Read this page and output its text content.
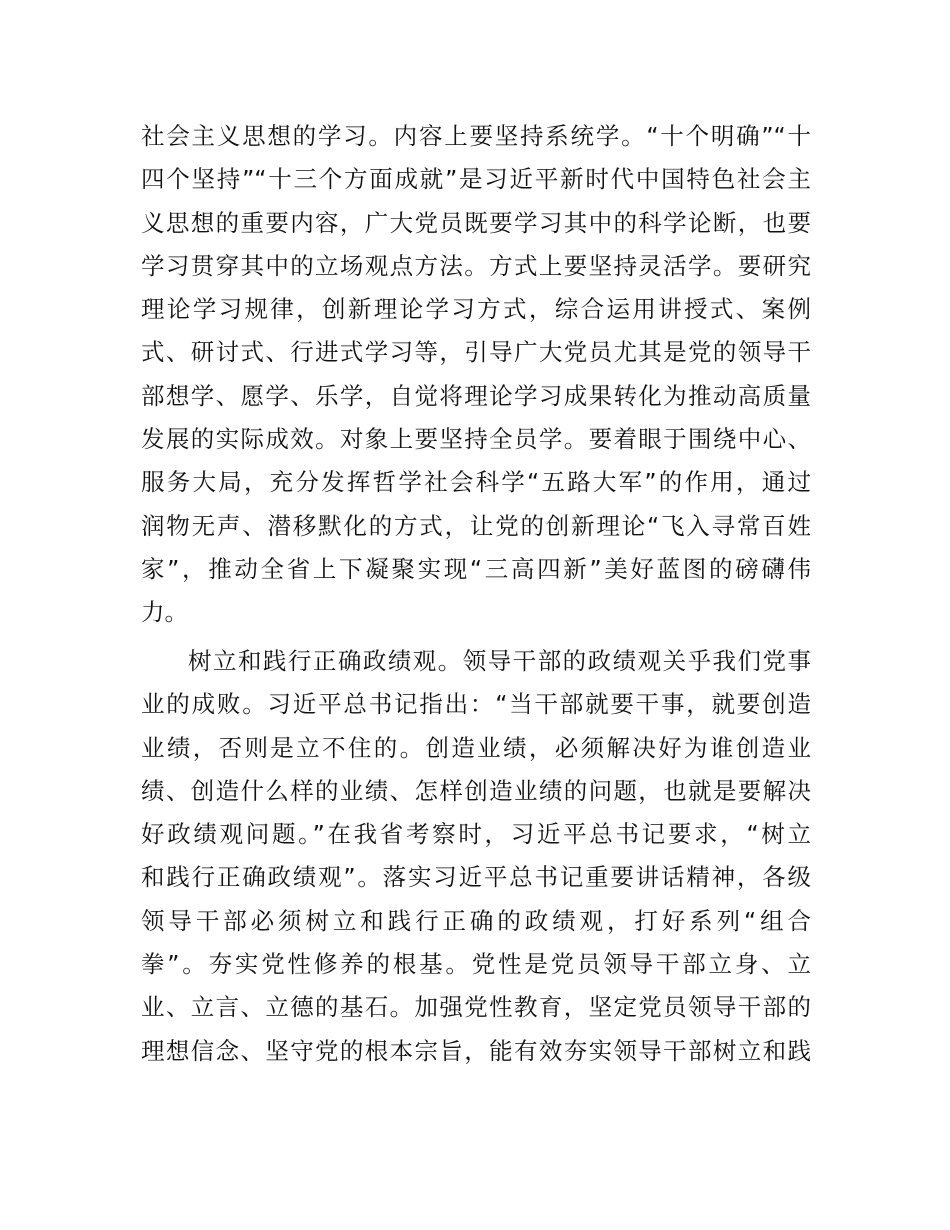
社会主义思想的学习。内容上要坚持系统学。“十个明确”“十
四个坚持”“十三个方面成就”是习近平新时代中国特色社会主
义思想的重要内容，广大党员既要学习其中的科学论断，也要
学习贯穿其中的立场观点方法。方式上要坚持灵活学。要研究
理论学习规律，创新理论学习方式，综合运用讲授式、案例
式、研讨式、行进式学习等，引导广大党员尤其是党的领导干
部想学、愿学、乐学，自觉将理论学习成果转化为推动高质量
发展的实际成效。对象上要坚持全员学。要着眼于围绕中心、
服务大局，充分发挥哲学社会科学“五路大军”的作用，通过
润物无声、潜移默化的方式，让党的创新理论“飞入寻常百姓
家”，推动全省上下凝聚实现“三高四新”美好蓝图的磅礴伟
力。
树立和践行正确政绩观。领导干部的政绩观关乎我们党事
业的成败。习近平总书记指出：“当干部就要干事，就要创造
业绩，否则是立不住的。创造业绩，必须解决好为谁创造业
绩、创造什么样的业绩、怎样创造业绩的问题，也就是要解决
好政绩观问题。”在我省考察时，习近平总书记要求，“树立
和践行正确政绩观”。落实习近平总书记重要讲话精神，各级
领导干部必须树立和践行正确的政绩观，打好系列“组合
拳”。夯实党性修养的根基。党性是党员领导干部立身、立
业、立言、立德的基石。加强党性教育，坚定党员领导干部的
理想信念、坚守党的根本宗旨，能有效夯实领导干部树立和践
